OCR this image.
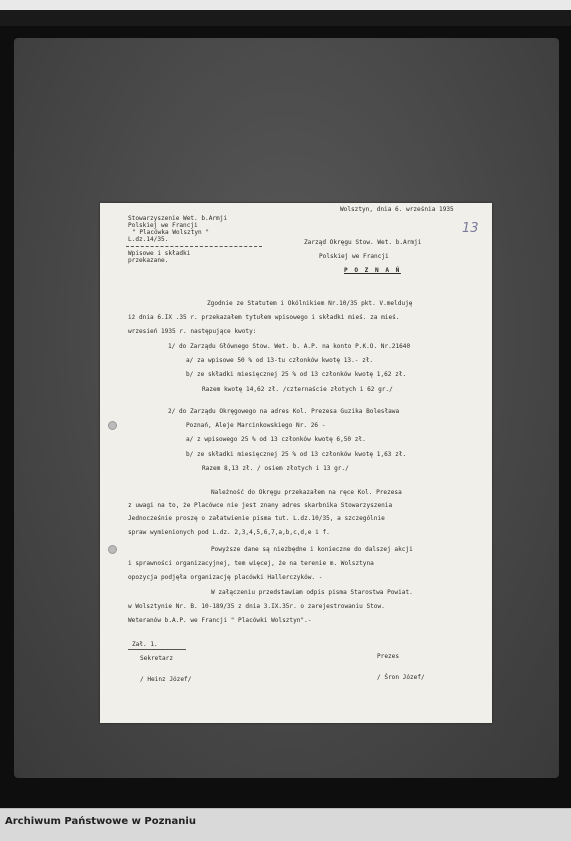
Wolsztyn, dnia 6. września 1935
13
Stowarzyszenie Wet. b.Armji
Polskiej we Francji
" Placówka Wolsztyn "
L.dz.14/35.
Wpisowe i składki
przekazane.
Zarząd Okręgu Stow. Wet. b.Armji
Polskiej we Francji
P O Z N A Ń
Zgodnie ze Statutem i Okólnikiem Nr.10/35 pkt. V.melduję
iż dnia 6.IX .35 r. przekazałem tytułem wpisowego i składki mieś. za mieś.
wrzesień 1935 r. następujące kwoty:
1/ do Zarządu Głównego Stow. Wet. b. A.P. na konto P.K.O. Nr.21640
a/ za wpisowe 50 % od 13-tu członków kwotę 13.- zł.
b/ ze składki miesięcznej 25 % od 13 członków kwotę 1,62 zł.
Razem kwotę 14,62 zł. /czternaście złotych i 62 gr./
2/ do Zarządu Okręgowego na adres Kol. Prezesa Guzika Bolesława
Poznań, Aleje Marcinkowskiego Nr. 26 -
a/ z wpisowego 25 % od 13 członków kwotę 6,50 zł.
b/ ze składki miesięcznej 25 % od 13 członków kwotę 1,63 zł.
Razem 8,13 zł. / osiem złotych i 13 gr./
Należność do Okręgu przekazałem na ręce Kol. Prezesa
z uwagi na to, że Placówce nie jest znany adres skarbnika Stowarzyszenia
Jednocześnie proszę o załatwienie pisma tut. L.dz.10/35, a szczególnie
spraw wymienionych pod L.dz. 2,3,4,5,6,7,a,b,c,d,e i f.
Powyższe dane są niezbędne i konieczne do dalszej akcji
i sprawności organizacyjnej, tem więcej, że na terenie m. Wolsztyna
opozycja podjęła organizację placówki Hallerczyków. -
W załączeniu przedstawiam odpis pisma Starostwa Powiat.
w Wolsztynie Nr. B. 10-189/35 z dnia 3.IX.35r. o zarejestrowaniu Stow.
Weteranów b.A.P. we Francji " Placówki Wolsztyn".-
Zał. 1.
Sekretarz
/ Heinz Józef/
Prezes
/ Śron Józef/
Archiwum Państwowe w Poznaniu
